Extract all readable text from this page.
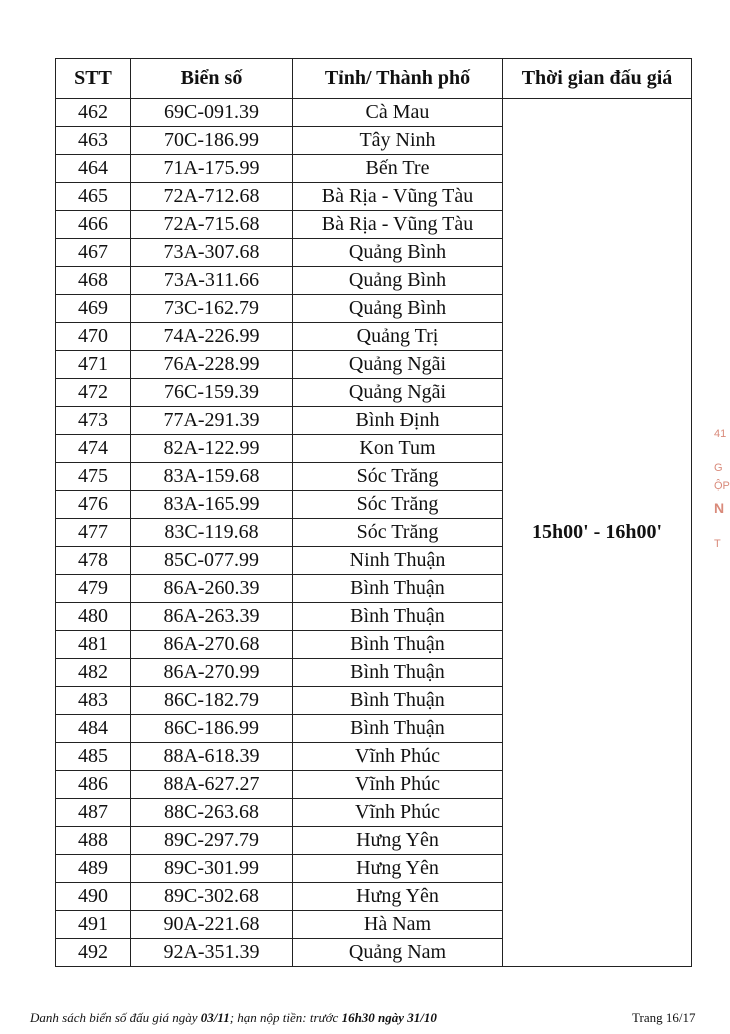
STT	Biển số	Tỉnh/ Thành phố	Thời gian đấu giá
462	69C-091.39	Cà Mau	15h00' - 16h00'
463	70C-186.99	Tây Ninh	
464	71A-175.99	Bến Tre	
465	72A-712.68	Bà Rịa - Vũng Tàu	
466	72A-715.68	Bà Rịa - Vũng Tàu	
467	73A-307.68	Quảng Bình	
468	73A-311.66	Quảng Bình	
469	73C-162.79	Quảng Bình	
470	74A-226.99	Quảng Trị	
471	76A-228.99	Quảng Ngãi	
472	76C-159.39	Quảng Ngãi	
473	77A-291.39	Bình Định	
474	82A-122.99	Kon Tum	
475	83A-159.68	Sóc Trăng	
476	83A-165.99	Sóc Trăng	
477	83C-119.68	Sóc Trăng	
478	85C-077.99	Ninh Thuận	
479	86A-260.39	Bình Thuận	
480	86A-263.39	Bình Thuận	
481	86A-270.68	Bình Thuận	
482	86A-270.99	Bình Thuận	
483	86C-182.79	Bình Thuận	
484	86C-186.99	Bình Thuận	
485	88A-618.39	Vĩnh Phúc	
486	88A-627.27	Vĩnh Phúc	
487	88C-263.68	Vĩnh Phúc	
488	89C-297.79	Hưng Yên	
489	89C-301.99	Hưng Yên	
490	89C-302.68	Hưng Yên	
491	90A-221.68	Hà Nam	
492	92A-351.39	Quảng Nam	
Danh sách biển số đấu giá ngày 03/11; hạn nộp tiền: trước 16h30 ngày 31/10	Trang 16/17
41
G
ỘP
N
T
